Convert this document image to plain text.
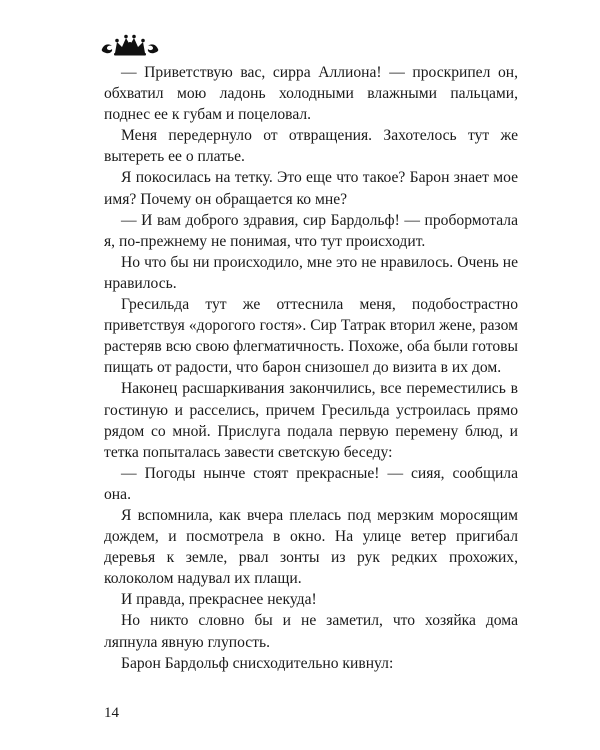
— Приветствую вас, сирра Аллиона! — проскрипел он, обхватил мою ладонь холодными влажными пальцами, поднес ее к губам и поцеловал.

Меня передернуло от отвращения. Захотелось тут же вытереть ее о платье.

Я покосилась на тетку. Это еще что такое? Барон знает мое имя? Почему он обращается ко мне?

— И вам доброго здравия, сир Бардольф! — пробормотала я, по-прежнему не понимая, что тут происходит.

Но что бы ни происходило, мне это не нравилось. Очень не нравилось.

Гресильда тут же оттеснила меня, подобострастно приветствуя «дорогого гостя». Сир Татрак вторил жене, разом растеряв всю свою флегматичность. Похоже, оба были готовы пищать от радости, что барон снизошел до визита в их дом.

Наконец расшаркивания закончились, все переместились в гостиную и расселись, причем Гресильда устроилась прямо рядом со мной. Прислуга подала первую перемену блюд, и тетка попыталась завести светскую беседу:

— Погоды нынче стоят прекрасные! — сияя, сообщила она.

Я вспомнила, как вчера плелась под мерзким моросящим дождем, и посмотрела в окно. На улице ветер пригибал деревья к земле, рвал зонты из рук редких прохожих, колоколом надувал их плащи.

И правда, прекраснее некуда!

Но никто словно бы и не заметил, что хозяйка дома ляпнула явную глупость.

Барон Бардольф снисходительно кивнул:

14
